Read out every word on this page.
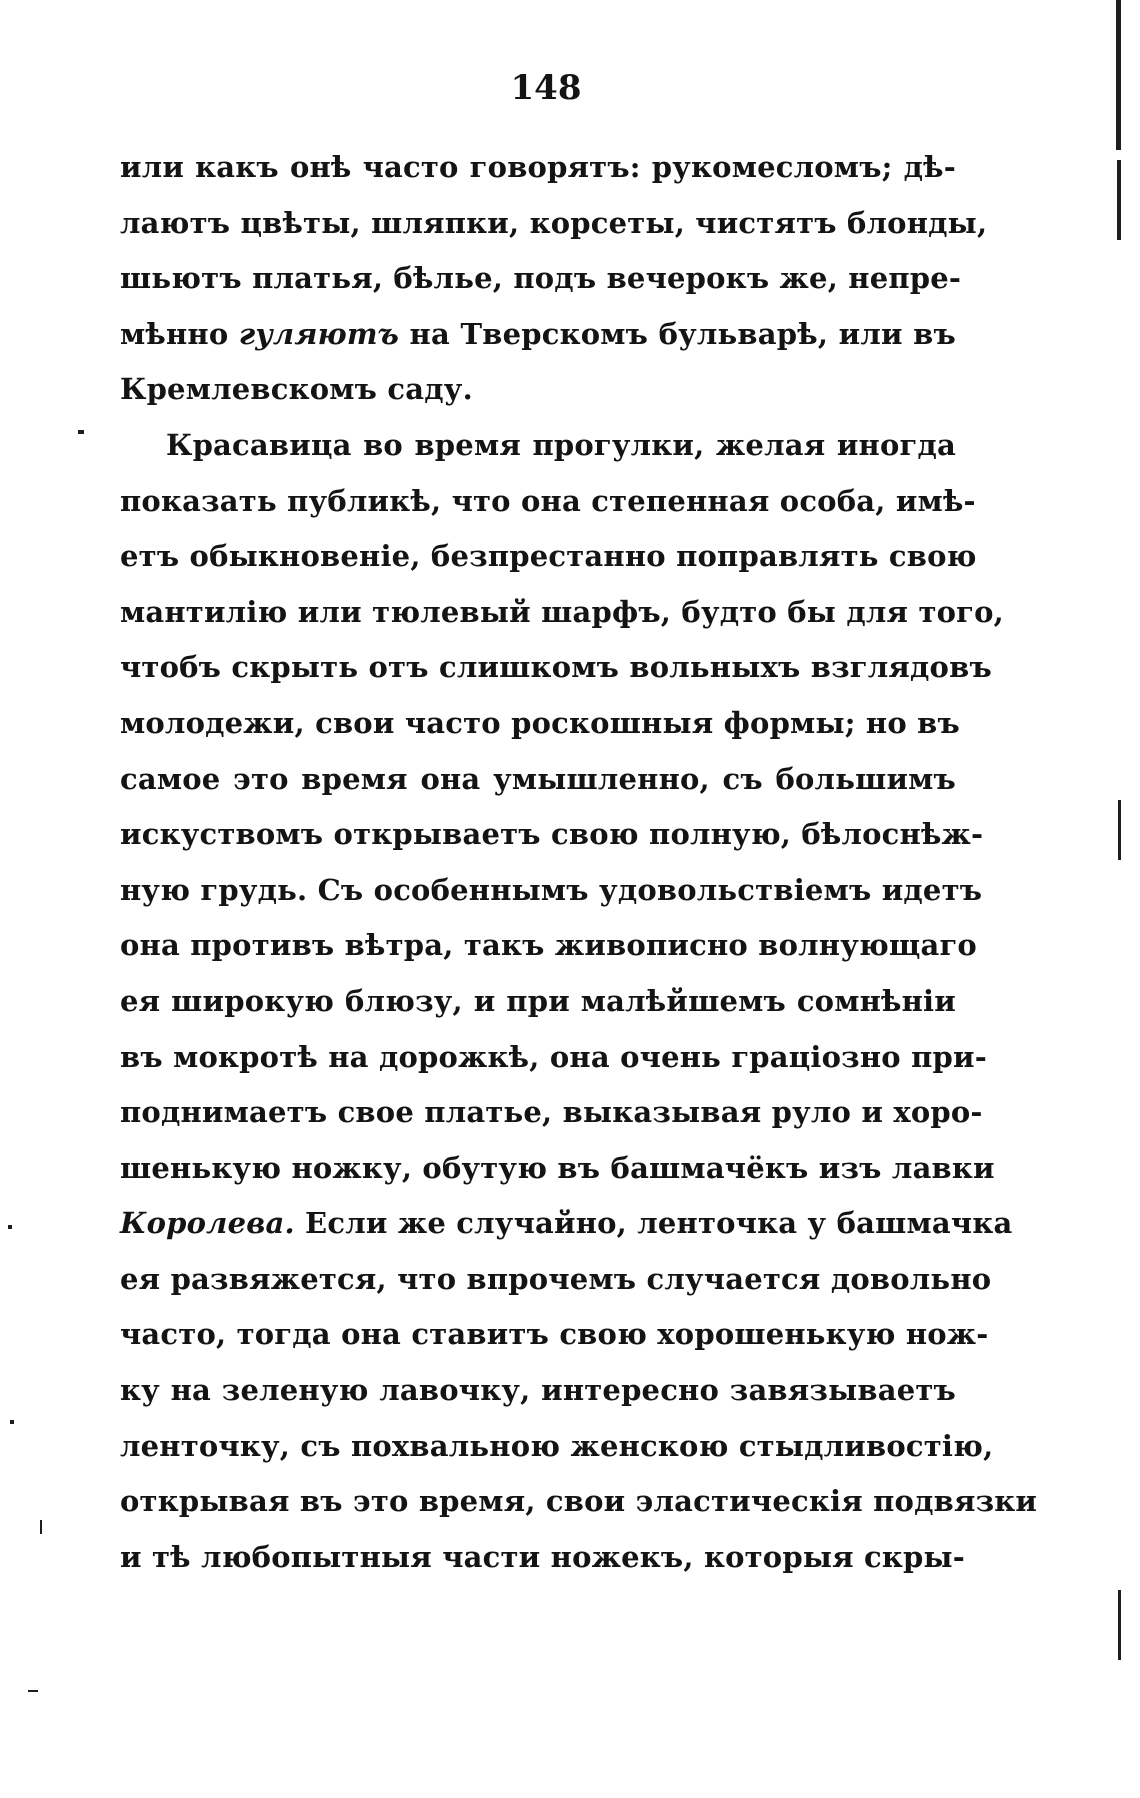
148
или какъ онѣ часто говорятъ: рукомесломъ; дѣ-
лаютъ цвѣты, шляпки, корсеты, чистятъ блонды,
шьютъ платья, бѣлье, подъ вечерокъ же, непре-
мѣнно гуляютъ на Тверскомъ бульварѣ, или въ
Кремлевскомъ саду.
Красавица во время прогулки, желая иногда
показать публикѣ, что она степенная особа, имѣ-
етъ обыкновеніе, безпрестанно поправлять свою
мантилію или тюлевый шарфъ, будто бы для того,
чтобъ скрыть отъ слишкомъ вольныхъ взглядовъ
молодежи, свои часто роскошныя формы; но въ
самое это время она умышленно, съ большимъ
искуствомъ открываетъ свою полную, бѣлоснѣж-
ную грудь. Съ особеннымъ удовольствіемъ идетъ
она противъ вѣтра, такъ живописно волнующаго
ея широкую блюзу, и при малѣйшемъ сомнѣніи
въ мокротѣ на дорожкѣ, она очень граціозно при-
поднимаетъ свое платье, выказывая руло и хоро-
шенькую ножку, обутую въ башмачёкъ изъ лавки
Королева. Если же случайно, ленточка у башмачка
ея развяжется, что впрочемъ случается довольно
часто, тогда она ставитъ свою хорошенькую нож-
ку на зеленую лавочку, интересно завязываетъ
ленточку, съ похвальною женскою стыдливостію,
открывая въ это время, свои эластическія подвязки
и тѣ любопытныя части ножекъ, которыя скры-
